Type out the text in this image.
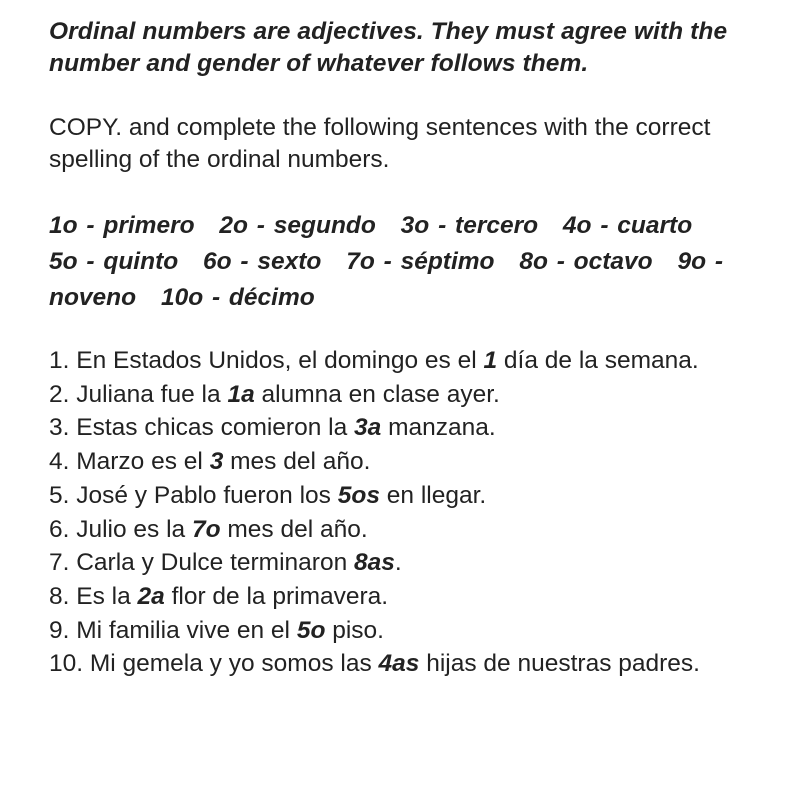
Ordinal numbers are adjectives. They must agree with the number and gender of whatever follows them.

COPY. and complete the following sentences with the correct spelling of the ordinal numbers.
1o - primero 2o - segundo 3o - tercero 4o - cuarto 5o - quinto 6o - sexto 7o - séptimo 8o - octavo 9o - noveno 10o - décimo
1. En Estados Unidos, el domingo es el 1 día de la semana.
2. Juliana fue la 1a alumna en clase ayer.
3. Estas chicas comieron la 3a manzana.
4. Marzo es el 3 mes del año.
5. José y Pablo fueron los 5os en llegar.
6. Julio es la 7o mes del año.
7. Carla y Dulce terminaron 8as.
8. Es la 2a flor de la primavera.
9. Mi familia vive en el 5o piso.
10. Mi gemela y yo somos las 4as hijas de nuestras padres.
